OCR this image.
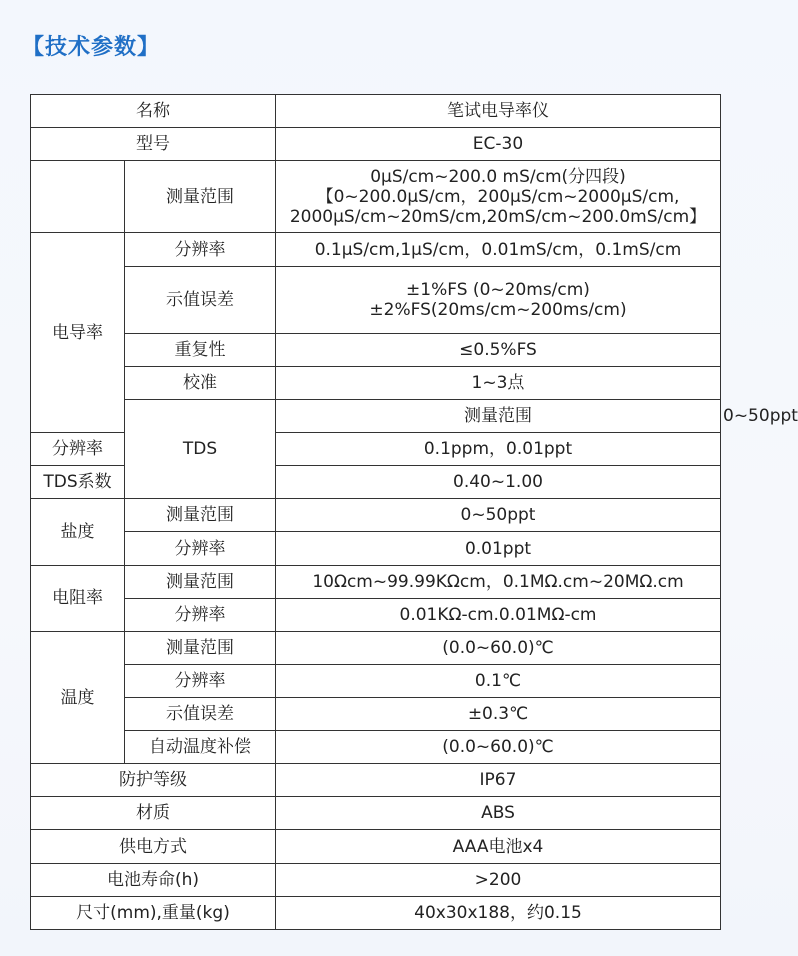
【技术参数】
名称		笔试电导率仪	
型号		EC-30	
	测量范围	0µS/cm~200.0 mS/cm(分四段)
【0~200.0µS/cm，200µS/cm~2000µS/cm,
2000µS/cm~20mS/cm,20mS/cm~200.0mS/cm】	

电导率	分辨率	0.1µS/cm,1µS/cm，0.01mS/cm，0.1mS/cm	
	示值误差	±1%FS (0~20ms/cm)
±2%FS(20ms/cm~200ms/cm)	

	重复性	≤0.5%FS	
	校准	1~3点	
	TDS	测量范围	0~50ppt
分辨率		0.1ppm，0.01ppt	
TDS系数		0.40~1.00	
盐度	测量范围	0~50ppt	
	分辨率	0.01ppt	
电阻率	测量范围	10Ωcm~99.99KΩcm，0.1MΩ.cm~20MΩ.cm	
	分辨率	0.01KΩ-cm.0.01MΩ-cm	
温度	测量范围	(0.0~60.0)℃	
	分辨率	0.1℃	
	示值误差	±0.3℃	
	自动温度补偿	(0.0~60.0)℃	
防护等级		IP67	
材质		ABS	
供电方式		AAA电池x4	
电池寿命(h)		>200	
尺寸(mm),重量(kg)		40x30x188，约0.15	
